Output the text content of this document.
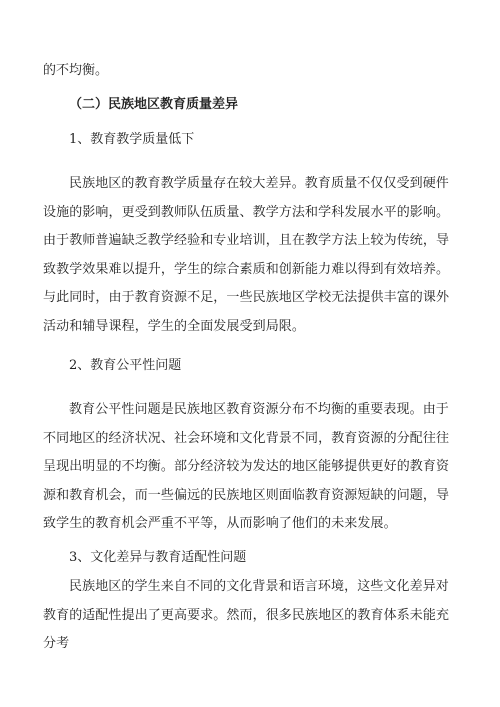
的不均衡。
（二）民族地区教育质量差异
1、教育教学质量低下
民族地区的教育教学质量存在较大差异。教育质量不仅仅受到硬件设施的影响，更受到教师队伍质量、教学方法和学科发展水平的影响。由于教师普遍缺乏教学经验和专业培训，且在教学方法上较为传统，导致教学效果难以提升，学生的综合素质和创新能力难以得到有效培养。与此同时，由于教育资源不足，一些民族地区学校无法提供丰富的课外活动和辅导课程，学生的全面发展受到局限。
2、教育公平性问题
教育公平性问题是民族地区教育资源分布不均衡的重要表现。由于不同地区的经济状况、社会环境和文化背景不同，教育资源的分配往往呈现出明显的不均衡。部分经济较为发达的地区能够提供更好的教育资源和教育机会，而一些偏远的民族地区则面临教育资源短缺的问题，导致学生的教育机会严重不平等，从而影响了他们的未来发展。
3、文化差异与教育适配性问题
民族地区的学生来自不同的文化背景和语言环境，这些文化差异对教育的适配性提出了更高要求。然而，很多民族地区的教育体系未能充分考
